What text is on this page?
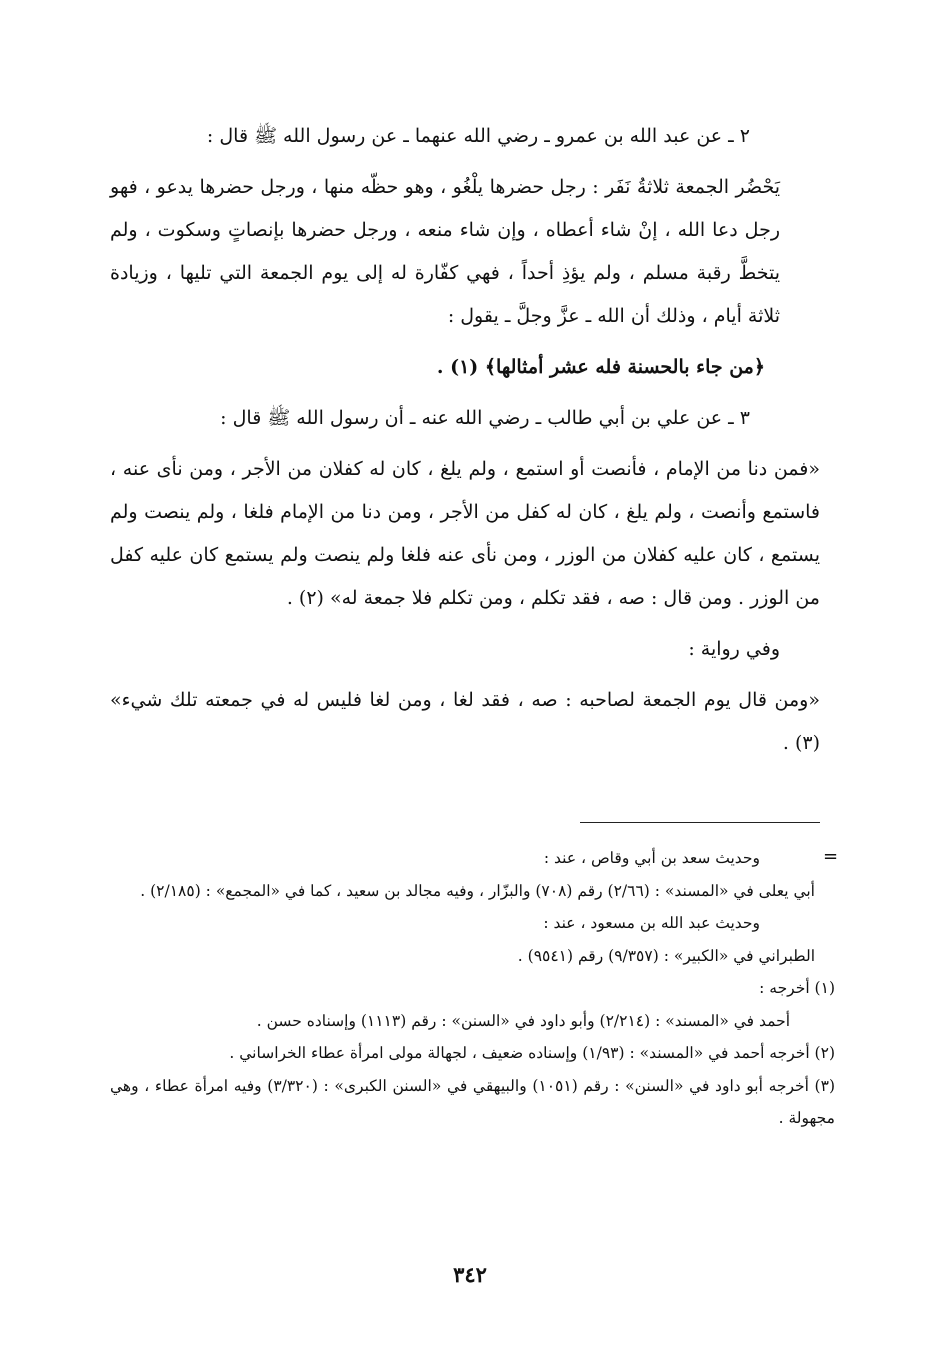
٢ ـ عن عبد الله بن عمرو ـ رضي الله عنهما ـ عن رسول الله ﷺ قال :

يَحْضُر الجمعة ثلاثةُ نَفَر : رجل حضرها يلْغُو ، وهو حظّه منها ، ورجل حضرها يدعو ، فهو رجل دعا الله ، إنْ شاء أعطاه ، وإن شاء منعه ، ورجل حضرها بإنصاتٍ وسكوت ، ولم يتخطَّ رقبة مسلم ، ولم يؤذِ أحداً ، فهي كفّارة له إلى يوم الجمعة التي تليها ، وزيادة ثلاثة أيام ، وذلك أن الله ـ عزَّ وجلَّ ـ يقول :

﴿من جاء بالحسنة فله عشر أمثالها﴾ (١) .

٣ ـ عن علي بن أبي طالب ـ رضي الله عنه ـ أن رسول الله ﷺ قال :

«فمن دنا من الإمام ، فأنصت أو استمع ، ولم يلغ ، كان له كفلان من الأجر ، ومن نأى عنه ، فاستمع وأنصت ، ولم يلغ ، كان له كفل من الأجر ، ومن دنا من الإمام فلغا ، ولم ينصت ولم يستمع ، كان عليه كفلان من الوزر ، ومن نأى عنه فلغا ولم ينصت ولم يستمع كان عليه كفل من الوزر . ومن قال : صه ، فقد تكلم ، ومن تكلم فلا جمعة له» (٢) .

وفي رواية :

«ومن قال يوم الجمعة لصاحبه : صه ، فقد لغا ، ومن لغا فليس له في جمعته تلك شيء» (٣) .

=

وحديث سعد بن أبي وقاص ، عند :

أبي يعلى في «المسند» : (٢/٦٦) رقم (٧٠٨) والبزّار ، وفيه مجالد بن سعيد ، كما في «المجمع» : (٢/١٨٥) .

وحديث عبد الله بن مسعود ، عند :

الطبراني في «الكبير» : (٩/٣٥٧) رقم (٩٥٤١) .

(١) أخرجه :

أحمد في «المسند» : (٢/٢١٤) وأبو داود في «السنن» : رقم (١١١٣) وإسناده حسن .

(٢) أخرجه أحمد في «المسند» : (١/٩٣) وإسناده ضعيف ، لجهالة مولى امرأة عطاء الخراساني .

(٣) أخرجه أبو داود في «السنن» : رقم (١٠٥١) والبيهقي في «السنن الكبرى» : (٣/٣٢٠) وفيه امرأة عطاء ، وهي مجهولة .

٣٤٢
